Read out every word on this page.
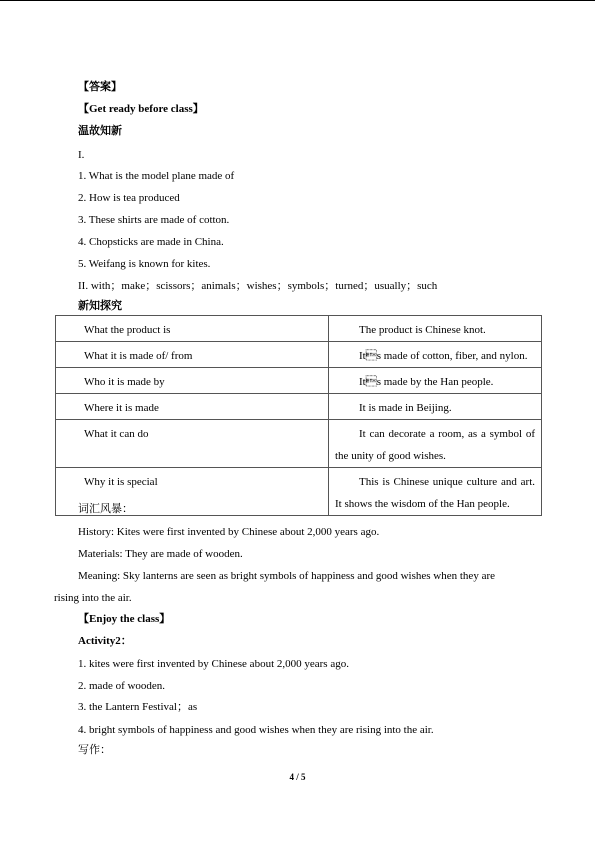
【答案】
【Get ready before class】
温故知新
I.
1. What is the model plane made of
2. How is tea produced
3. These shirts are made of cotton.
4. Chopsticks are made in China.
5. Weifang is known for kites.
II. with；make；scissors；animals；wishes；symbols；turned；usually；such
新知探究
What the product is	The product is Chinese knot.

What it is made of/ from	Its made of cotton, fiber, and nylon.

Who it is made by	Its made by the Han people.

Where it is made	It is made in Beijing.

What it can do	It can decorate a room, as a symbol of the unity of good wishes.

Why it is special	This is Chinese unique culture and art. It shows the wisdom of the Han people.
词汇风暴：
History: Kites were first invented by Chinese about 2,000 years ago.
Materials: They are made of wooden.
Meaning: Sky lanterns are seen as bright symbols of happiness and good wishes when they are
rising into the air.
【Enjoy the class】
Activity2：
1. kites were first invented by Chinese about 2,000 years ago.
2. made of wooden.
3. the Lantern Festival；as
4. bright symbols of happiness and good wishes when they are rising into the air.
写作：
4 / 5
